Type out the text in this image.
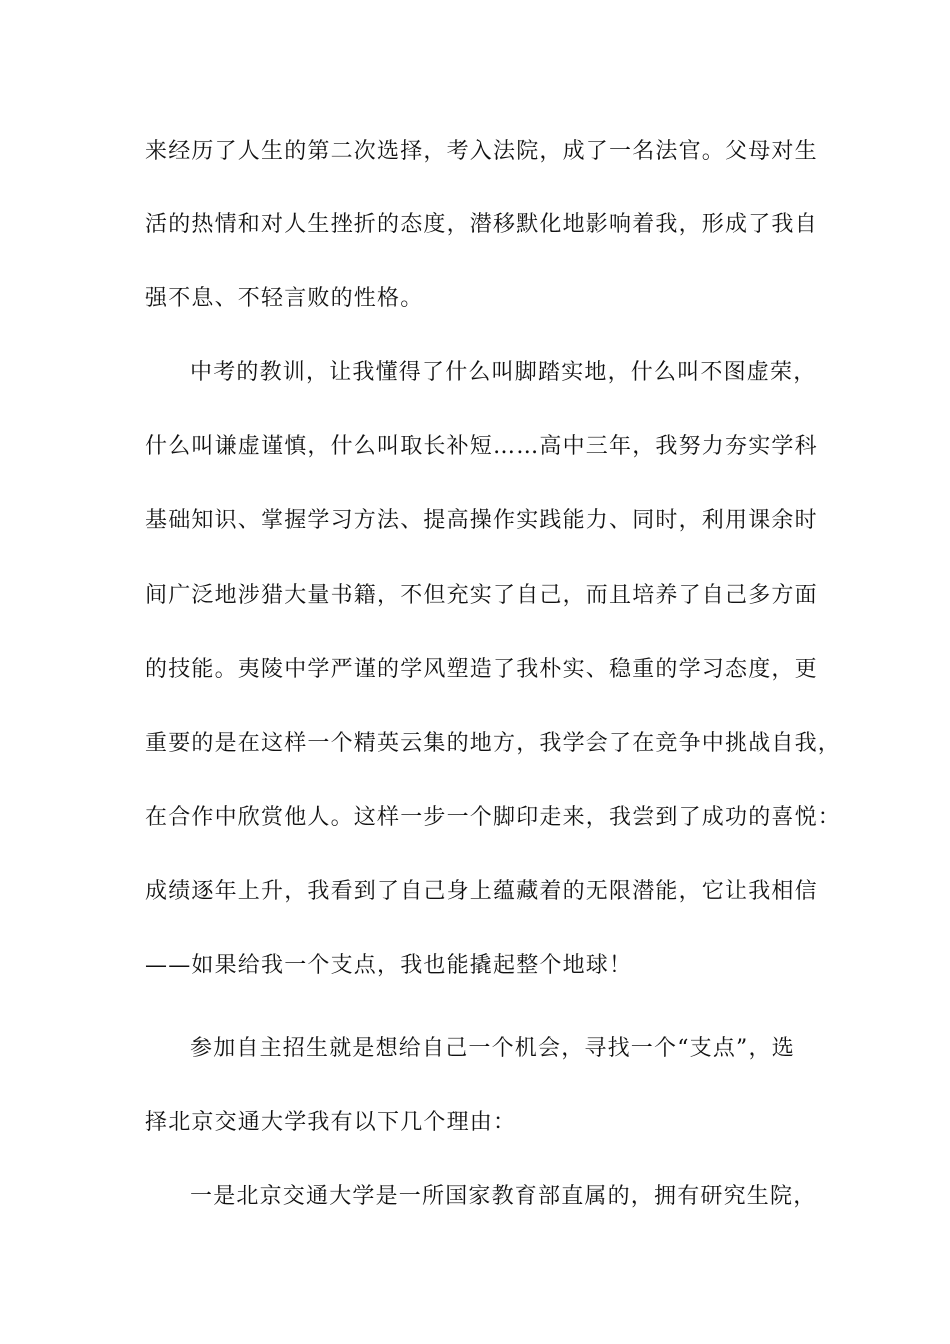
来经历了人生的第二次选择，考入法院，成了一名法官。父母对生
活的热情和对人生挫折的态度，潜移默化地影响着我，形成了我自
强不息、不轻言败的性格。
中考的教训，让我懂得了什么叫脚踏实地，什么叫不图虚荣，
什么叫谦虚谨慎，什么叫取长补短……高中三年，我努力夯实学科
基础知识、掌握学习方法、提高操作实践能力、同时，利用课余时
间广泛地涉猎大量书籍，不但充实了自己，而且培养了自己多方面
的技能。夷陵中学严谨的学风塑造了我朴实、稳重的学习态度，更
重要的是在这样一个精英云集的地方，我学会了在竞争中挑战自我，
在合作中欣赏他人。这样一步一个脚印走来，我尝到了成功的喜悦：
成绩逐年上升，我看到了自己身上蕴藏着的无限潜能，它让我相信
——如果给我一个支点，我也能撬起整个地球！
参加自主招生就是想给自己一个机会，寻找一个“支点”，选
择北京交通大学我有以下几个理由：
一是北京交通大学是一所国家教育部直属的，拥有研究生院，
